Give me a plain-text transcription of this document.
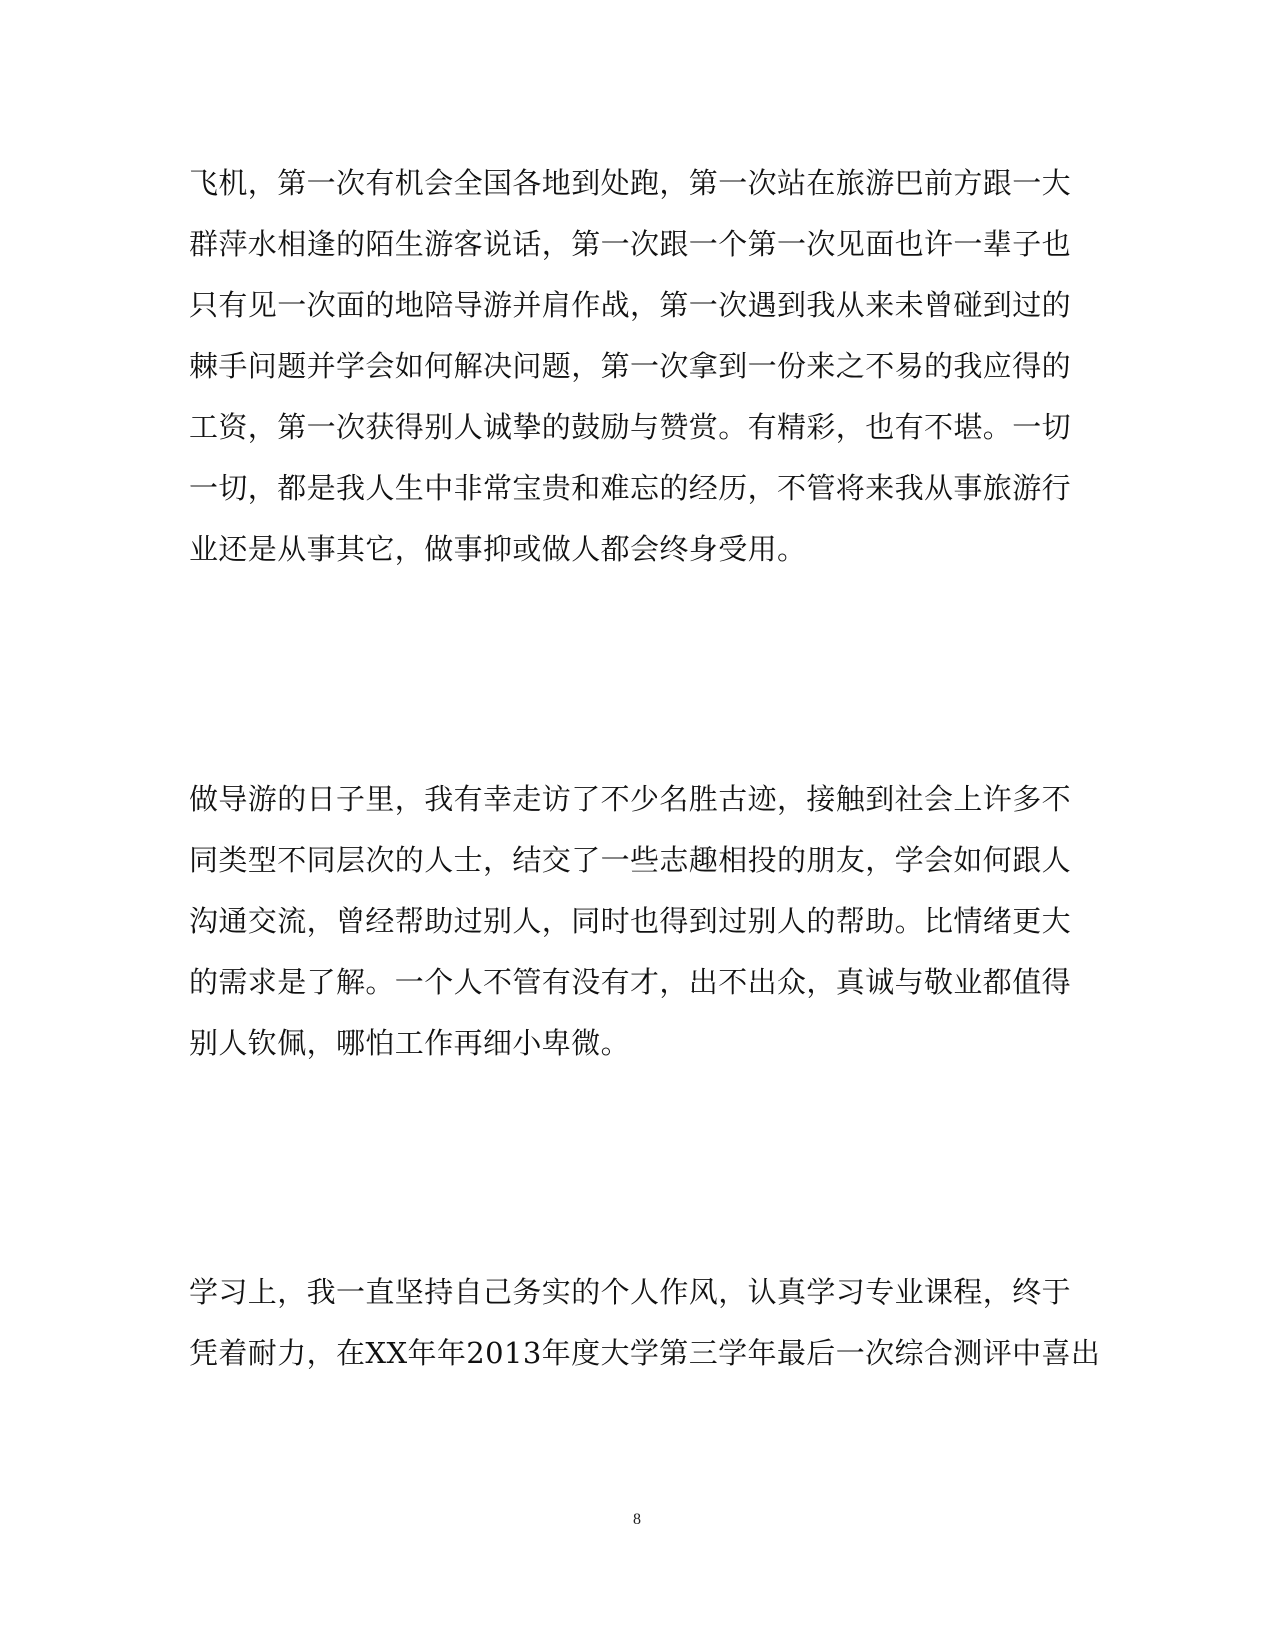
飞机，第一次有机会全国各地到处跑，第一次站在旅游巴前方跟一大

群萍水相逢的陌生游客说话，第一次跟一个第一次见面也许一辈子也

只有见一次面的地陪导游并肩作战，第一次遇到我从来未曾碰到过的

棘手问题并学会如何解决问题，第一次拿到一份来之不易的我应得的

工资，第一次获得别人诚挚的鼓励与赞赏。有精彩，也有不堪。一切

一切，都是我人生中非常宝贵和难忘的经历，不管将来我从事旅游行

业还是从事其它，做事抑或做人都会终身受用。

做导游的日子里，我有幸走访了不少名胜古迹，接触到社会上许多不

同类型不同层次的人士，结交了一些志趣相投的朋友，学会如何跟人

沟通交流，曾经帮助过别人，同时也得到过别人的帮助。比情绪更大

的需求是了解。一个人不管有没有才，出不出众，真诚与敬业都值得

别人钦佩，哪怕工作再细小卑微。

学习上，我一直坚持自己务实的个人作风，认真学习专业课程，终于

凭着耐力，在XX年年2013年度大学第三学年最后一次综合测评中喜出

8
